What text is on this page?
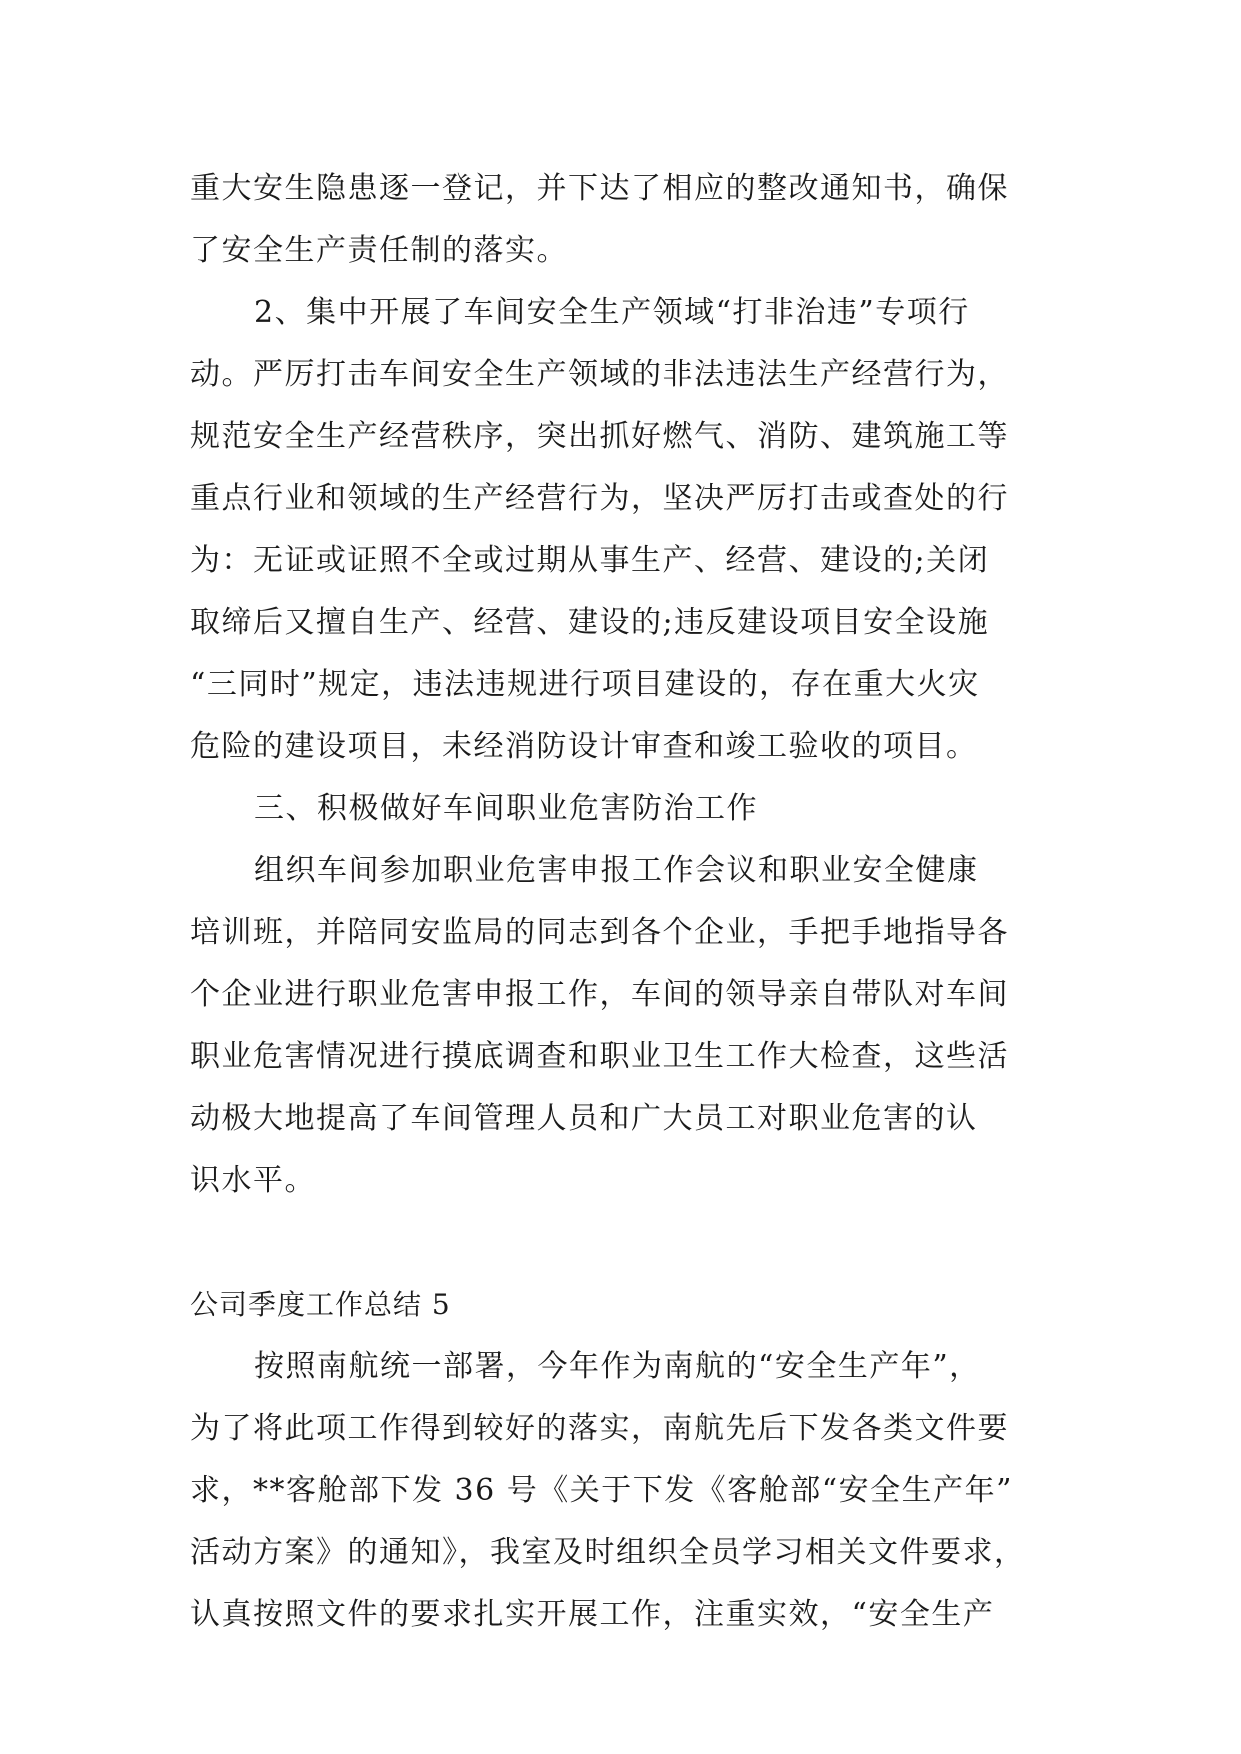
重大安生隐患逐一登记，并下达了相应的整改通知书，确保
了安全生产责任制的落实。
2、集中开展了车间安全生产领域“打非治违”专项行
动。严厉打击车间安全生产领域的非法违法生产经营行为，
规范安全生产经营秩序，突出抓好燃气、消防、建筑施工等
重点行业和领域的生产经营行为，坚决严厉打击或查处的行
为：无证或证照不全或过期从事生产、经营、建设的;关闭
取缔后又擅自生产、经营、建设的;违反建设项目安全设施
“三同时”规定，违法违规进行项目建设的，存在重大火灾
危险的建设项目，未经消防设计审查和竣工验收的项目。
三、积极做好车间职业危害防治工作
组织车间参加职业危害申报工作会议和职业安全健康
培训班，并陪同安监局的同志到各个企业，手把手地指导各
个企业进行职业危害申报工作，车间的领导亲自带队对车间
职业危害情况进行摸底调查和职业卫生工作大检查，这些活
动极大地提高了车间管理人员和广大员工对职业危害的认
识水平。
公司季度工作总结 5
按照南航统一部署，今年作为南航的“安全生产年”，
为了将此项工作得到较好的落实，南航先后下发各类文件要
求，**客舱部下发 36 号《关于下发《客舱部“安全生产年”
活动方案》的通知》，我室及时组织全员学习相关文件要求，
认真按照文件的要求扎实开展工作，注重实效，“安全生产
